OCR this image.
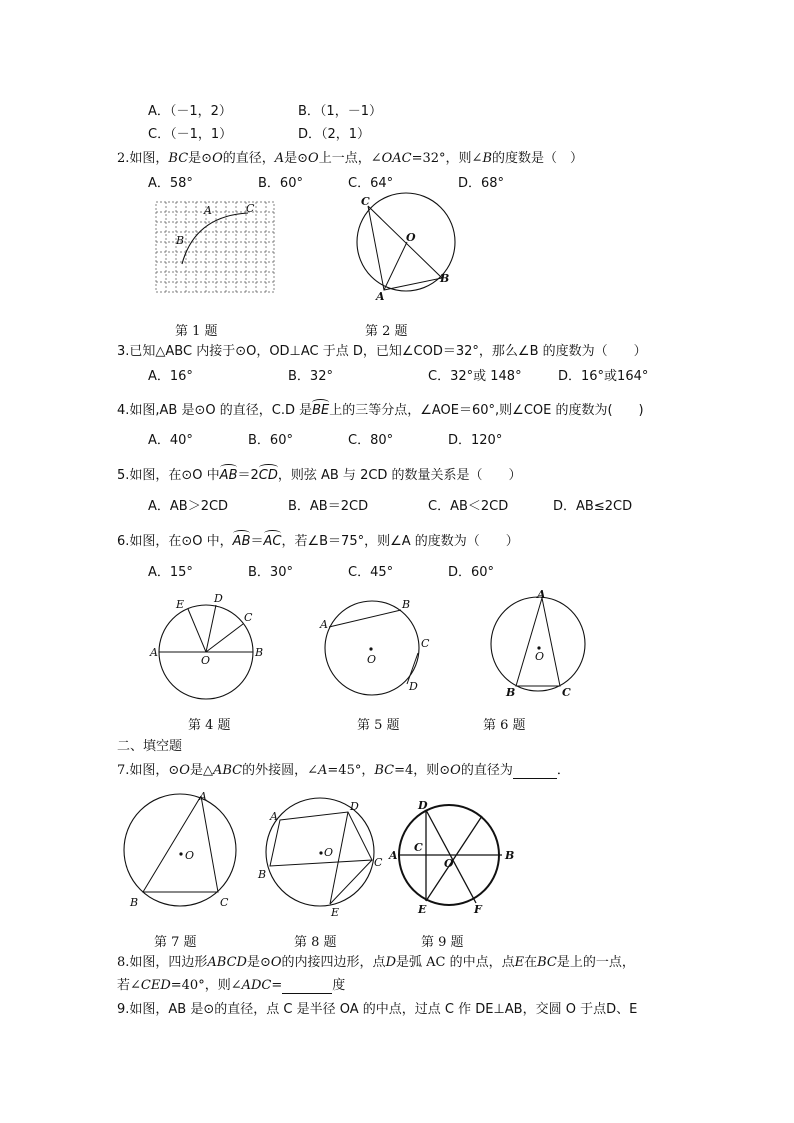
A．（－1，2）	B．（1，－1）
C．（－1，1）	D．（2，1）
2.如图，BC是⊙O的直径，A是⊙O上一点，∠OAC=32°，则∠B的度数是（　）
A．58°	B．60°	C．64°	D．68°
A
B
C
C
O
B
A
第 1 题	第 2 题
3.已知△ABC 内接于⊙O，OD⊥AC 于点 D，已知∠COD＝32°，那么∠B 的度数为（　　）
A．16°	B．32°	C．32°或 148°	D．16°或164°
4.如图,AB 是⊙O 的直径，C.D 是BE上的三等分点，∠AOE＝60°,则∠COE 的度数为(　　)
A．40°	B．60°	C．80°	D．120°
5.如图，在⊙O 中AB＝2CD，则弦 AB 与 2CD 的数量关系是（　　）
A．AB＞2CD	B．AB＝2CD	C．AB＜2CD	D．AB≤2CD
6.如图，在⊙O 中，AB＝AC，若∠B＝75°，则∠A 的度数为（　　）
A．15°	B．30°	C．45°	D．60°
E	D
C
A	B
O
A
B
C
D
O
A
B	C
O
第 4 题	第 5 题	第 6 题
二、填空题
7.如图，⊙O是△ABC的外接圆，∠A=45°，BC=4，则⊙O的直径为	．
A
B	C
O
A
D
C
B
E
O
D
A
C
O
B
E	F
第 7 题	第 8 题	第 9 题
8.如图，四边形ABCD是⊙O的内接四边形，点D是弧 AC 的中点，点E在BC是上的一点，
若∠CED=40°，则∠ADC=	度
9.如图，AB 是⊙的直径，点 C 是半径 OA 的中点，过点 C 作 DE⊥AB，交圆 O 于点D、E
